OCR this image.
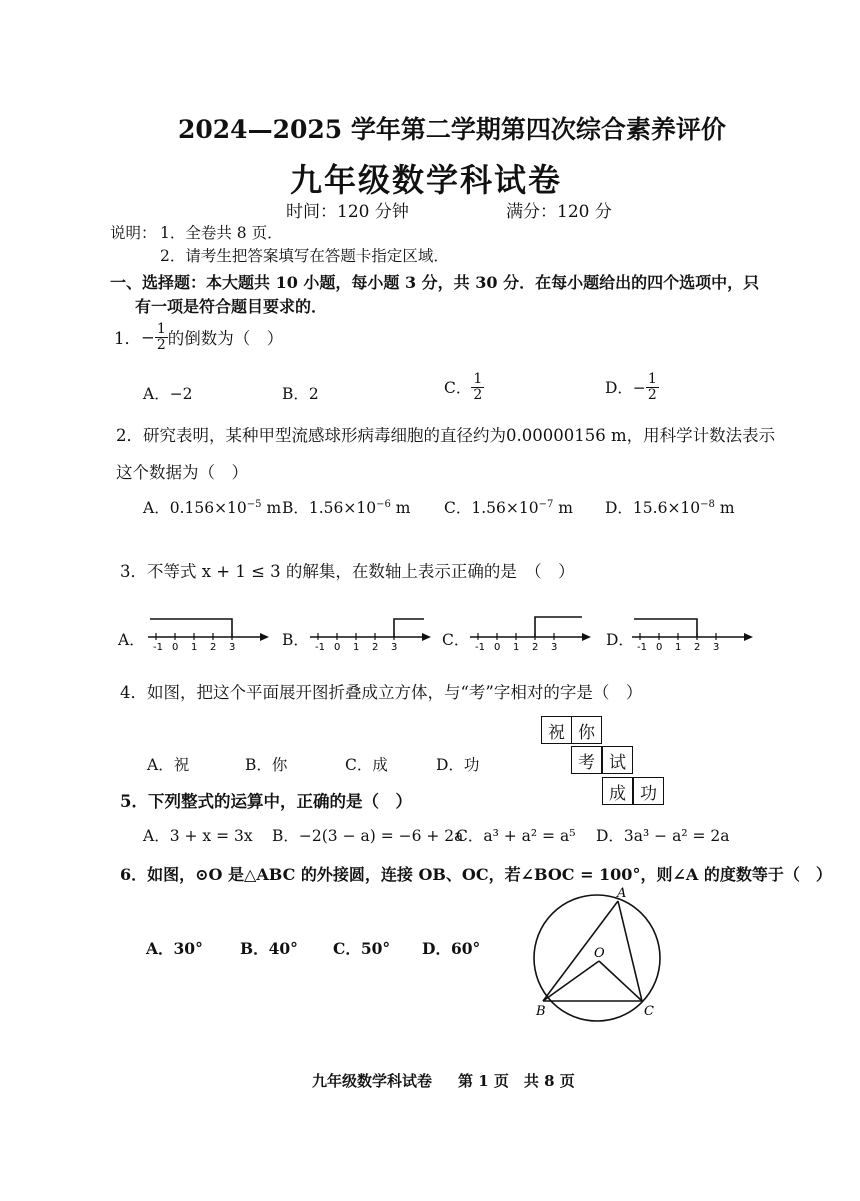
2024—2025 学年第二学期第四次综合素养评价
九年级数学科试卷
时间：120 分钟	满分：120 分
说明： 1．全卷共 8 页．
2．请考生把答案填写在答题卡指定区域．
一、选择题：本大题共 10 小题，每小题 3 分，共 30 分．在每小题给出的四个选项中，只
有一项是符合题目要求的．
1． − $\frac{1}{2}$ 的倒数为（　）
A．−2	B．2	C． $\frac{1}{2}$	D．− $\frac{1}{2}$
2．研究表明，某种甲型流感球形病毒细胞的直径约为0.00000156 m，用科学计数法表示
这个数据为（　）
A．$0.156\times 10^{-5}$ m B．$1.56\times 10^{-6}$ m C．$1.56\times 10^{-7}$ m D．$15.6\times 10^{-8}$ m
3．不等式 x + 1 ≤ 3 的解集，在数轴上表示正确的是　（　）
A．	B．	C．	D．
-1 0 1 2 3	-1 0 1 2 3	-1 0 1 2 3	-1 0 1 2 3
4．如图，把这个平面展开图折叠成立方体，与“考”字相对的字是（　）
A．祝	B．你	C．成	D．功
祝 你
考 试
成 功
5．下列整式的运算中，正确的是（　）
A．3 + x = 3x B．−2(3 − a) = −6 + 2a
C．a³ + a² = a⁵ D．3a³ − a² = 2a
6．如图，⊙O 是△ABC 的外接圆，连接 OB、OC，若∠BOC = 100°，则∠A 的度数等于（　）
A．30° B．40° C．50° D．60°
A
B	C
O
九年级数学科试卷 第 1 页　共 8 页
